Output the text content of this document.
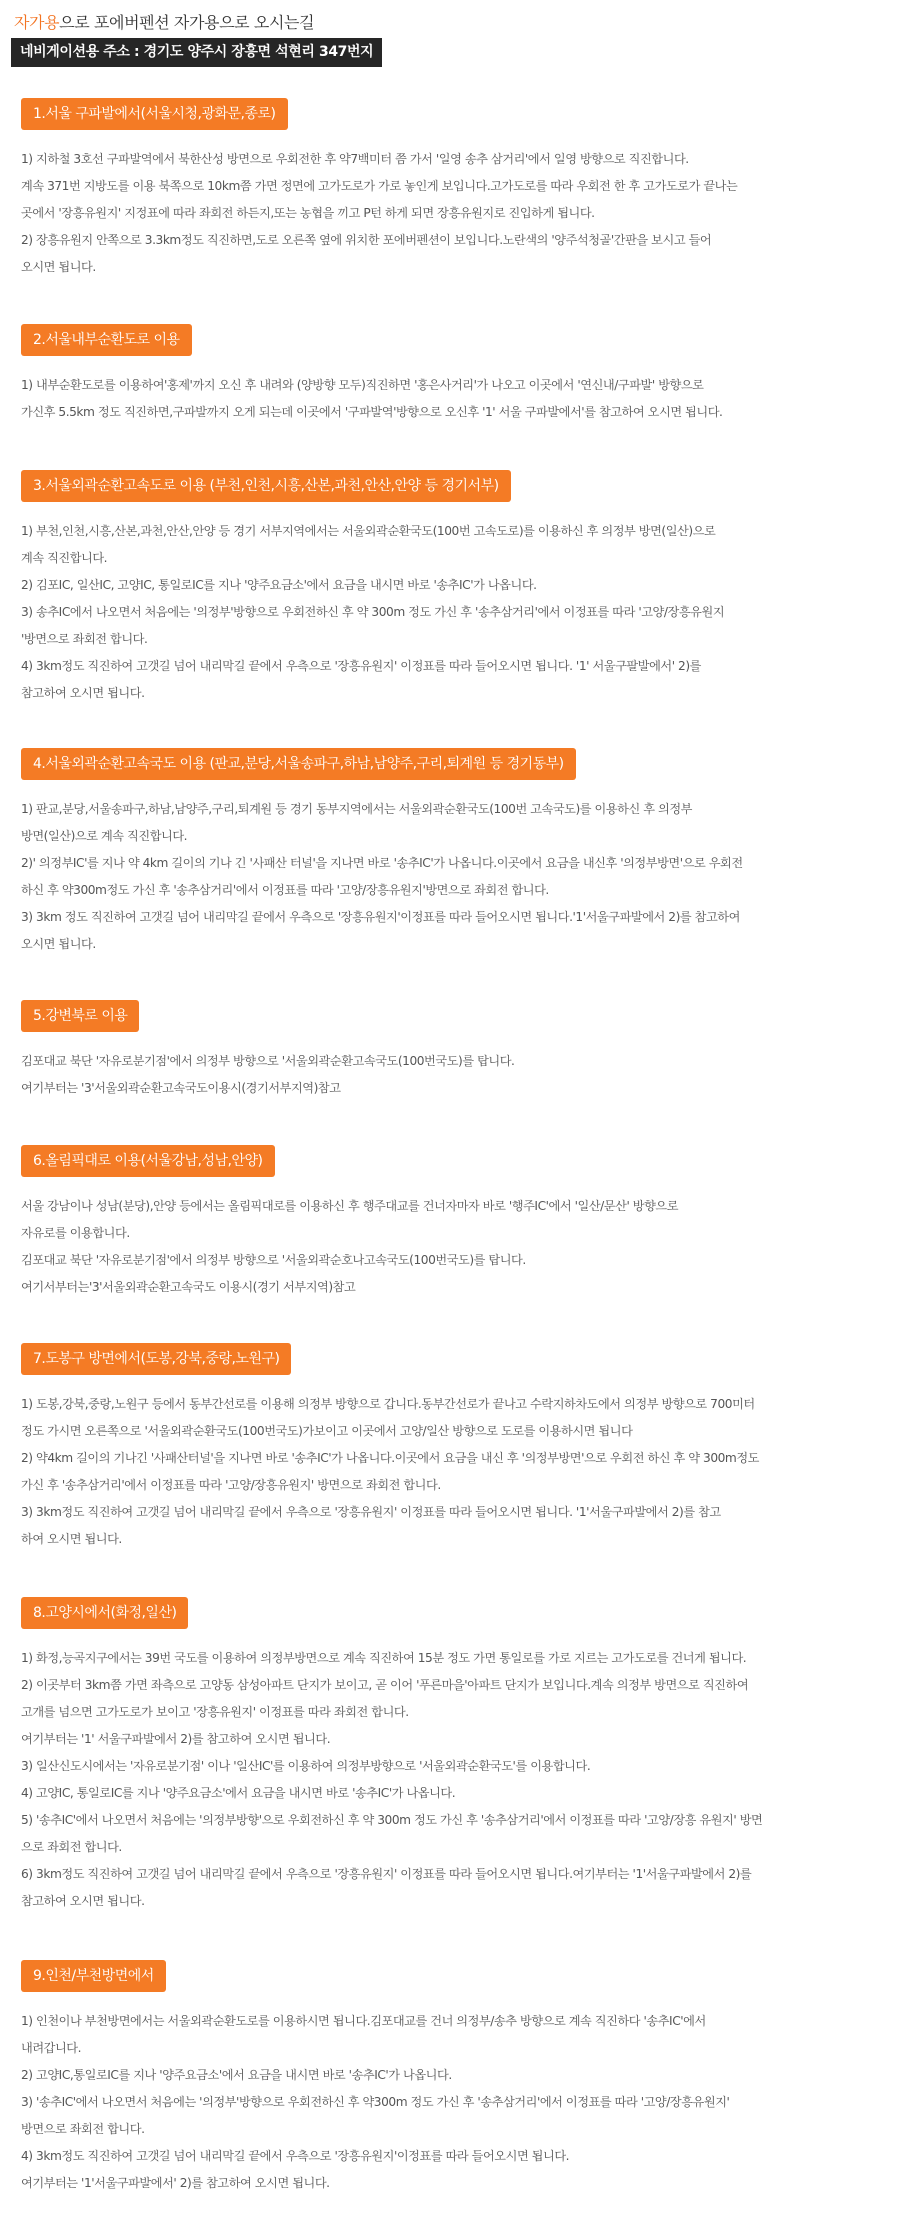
자가용으로 포에버펜션 자가용으로 오시는길
네비게이션용 주소 : 경기도 양주시 장흥면 석현리 347번지
1.서울 구파발에서(서울시청,광화문,종로)
1) 지하철 3호선 구파발역에서 북한산성 방면으로 우회전한 후 약7백미터 쯤 가서 '일영 송추 삼거리'에서 일영 방향으로 직진합니다.
계속 371번 지방도를 이용 북쪽으로 10km쯤 가면 정면에 고가도로가 가로 놓인게 보입니다.고가도로를 따라 우회전 한 후 고가도로가 끝나는
곳에서 '장흥유원지' 지정표에 따라 좌회전 하든지,또는 농협을 끼고 P턴 하게 되면 장흥유원지로 진입하게 됩니다.
2) 장흥유원지 안쪽으로 3.3km정도 직진하면,도로 오른쪽 옆에 위치한 포에버펜션이 보입니다.노란색의 '양주석청골'간판을 보시고 들어
오시면 됩니다.
2.서울내부순환도로 이용
1) 내부순환도로를 이용하여'홍제'까지 오신 후 내려와 (양방향 모두)직진하면 '홍은사거리'가 나오고 이곳에서 '연신내/구파발' 방향으로
가신후 5.5km 정도 직진하면,구파발까지 오게 되는데 이곳에서 '구파발역'방향으로 오신후 '1' 서울 구파발에서'를 참고하여 오시면 됩니다.
3.서울외곽순환고속도로 이용 (부천,인천,시흥,산본,과천,안산,안양 등 경기서부)
1) 부천,인천,시흥,산본,과천,안산,안양 등 경기 서부지역에서는 서울외곽순환국도(100번 고속도로)를 이용하신 후 의정부 방면(일산)으로
계속 직진합니다.
2) 김포IC, 일산IC, 고양IC, 통일로IC를 지나 '양주요금소'에서 요금을 내시면 바로 '송추IC'가 나옵니다.
3) 송추IC에서 나오면서 처음에는 '의정부'방향으로 우회전하신 후 약 300m 정도 가신 후 '송추삼거리'에서 이정표를 따라 '고양/장흥유원지
'방면으로 좌회전 합니다.
4) 3km정도 직진하여 고갯길 넘어 내리막길 끝에서 우측으로 '장흥유원지' 이정표를 따라 들어오시면 됩니다. '1' 서울구팔발에서' 2)를
참고하여 오시면 됩니다.
4.서울외곽순환고속국도 이용 (판교,분당,서울송파구,하남,남양주,구리,퇴계원 등 경기동부)
1) 판교,분당,서울송파구,하남,남양주,구리,퇴계원 등 경기 동부지역에서는 서울외곽순환국도(100번 고속국도)를 이용하신 후 의정부
방면(일산)으로 계속 직진합니다.
2)' 의정부IC'를 지나 약 4km 길이의 기나 긴 '사패산 터널'을 지나면 바로 '송추IC'가 나옵니다.이곳에서 요금을 내신후 '의정부방면'으로 우회전
하신 후 약300m정도 가신 후 '송추삼거리'에서 이정표를 따라 '고양/장흥유원지'방면으로 좌회전 합니다.
3) 3km 정도 직진하여 고갯길 넘어 내리막길 끝에서 우측으로 '장흥유원지'이정표를 따라 들어오시면 됩니다.'1'서울구파발에서 2)를 참고하여
오시면 됩니다.
5.강변북로 이용
김포대교 북단 '자유로분기점'에서 의정부 방향으로 '서울외곽순환고속국도(100번국도)를 탑니다.
여기부터는 '3'서울외곽순환고속국도이용시(경기서부지역)참고
6.올림픽대로 이용(서울강남,성남,안양)
서울 강남이나 성남(분당),안양 등에서는 올림픽대로를 이용하신 후 행주대교를 건너자마자 바로 '행주IC'에서 '일산/문산' 방향으로
자유로를 이용합니다.
김포대교 북단 '자유로분기점'에서 의정부 방향으로 '서울외곽순호나고속국도(100번국도)를 탑니다.
여기서부터는'3'서울외곽순환고속국도 이용시(경기 서부지역)참고
7.도봉구 방면에서(도봉,강북,중랑,노원구)
1) 도봉,강북,중랑,노원구 등에서 동부간선로를 이용해 의정부 방향으로 갑니다.동부간선로가 끝나고 수락지하차도에서 의정부 방향으로 700미터
정도 가시면 오른쪽으로 '서울외곽순환국도(100번국도)가보이고 이곳에서 고양/일산 방향으로 도로를 이용하시면 됩니다
2) 약4km 길이의 기나긴 '사패산터널'을 지나면 바로 '송추IC'가 나옵니다.이곳에서 요금을 내신 후 '의정부방면'으로 우회전 하신 후 약 300m정도
가신 후 '송추삼거리'에서 이정표를 따라 '고양/장흥유원지' 방면으로 좌회전 합니다.
3) 3km정도 직진하여 고갯길 넘어 내리막길 끝에서 우측으로 '장흥유원지' 이정표를 따라 들어오시면 됩니다. '1'서울구파발에서 2)를 참고
하여 오시면 됩니다.
8.고양시에서(화정,일산)
1) 화정,능곡지구에서는 39번 국도를 이용하여 의정부방면으로 계속 직진하여 15분 정도 가면 통일로를 가로 지르는 고가도로를 건너게 됩니다.
2) 이곳부터 3km쯤 가면 좌측으로 고양동 삼성아파트 단지가 보이고, 곧 이어 '푸른마을'아파트 단지가 보입니다.계속 의정부 방면으로 직진하여
고개를 넘으면 고가도로가 보이고 '장흥유원지' 이정표를 따라 좌회전 합니다.
여기부터는 '1' 서울구파발에서 2)를 참고하여 오시면 됩니다.
3) 일산신도시에서는 '자유로분기점' 이나 '일산IC'를 이용하여 의정부방향으로 '서울외곽순환국도'를 이용합니다.
4) 고양IC, 통일로IC를 지나 '양주요금소'에서 요금을 내시면 바로 '송추IC'가 나옵니다.
5) '송추IC'에서 나오면서 처음에는 '의정부방향'으로 우회전하신 후 약 300m 정도 가신 후 '송추삼거리'에서 이정표를 따라 '고양/장흥 유원지' 방면
으로 좌회전 합니다.
6) 3km정도 직진하여 고갯길 넘어 내리막길 끝에서 우측으로 '장흥유원지' 이정표를 따라 들어오시면 됩니다.여기부터는 '1'서울구파발에서 2)를
참고하여 오시면 됩니다.
9.인천/부천방면에서
1) 인천이나 부천방면에서는 서울외곽순환도로를 이용하시면 됩니다.김포대교를 건너 의정부/송추 방향으로 계속 직진하다 '송추IC'에서
내려갑니다.
2) 고양IC,통일로IC를 지나 '양주요금소'에서 요금을 내시면 바로 '송추IC'가 나옵니다.
3) '송추IC'에서 나오면서 처음에는 '의정부'방향으로 우회전하신 후 약300m 정도 가신 후 '송추삼거리'에서 이정표를 따라 '고양/장흥유원지'
방면으로 좌회전 합니다.
4) 3km정도 직진하여 고갯길 넘어 내리막길 끝에서 우측으로 '장흥유원지'이정표를 따라 들어오시면 됩니다.
여기부터는 '1'서울구파발에서' 2)를 참고하여 오시면 됩니다.
